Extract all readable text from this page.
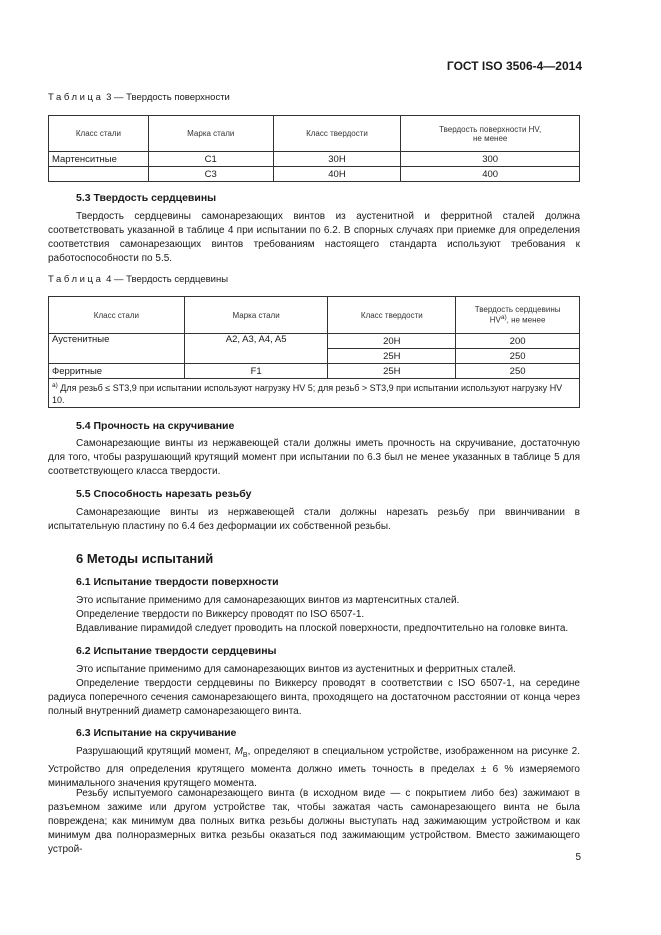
ГОСТ ISO 3506-4—2014
Таблица 3 — Твердость поверхности
Класс стали	Марка стали	Класс твердости	Твердость поверхности HV,
не менее
Мартенситные	C1	30H	300
	C3	40H	400
5.3 Твердость сердцевины
Твердость сердцевины самонарезающих винтов из аустенитной и ферритной сталей должна соответствовать указанной в таблице 4 при испытании по 6.2. В спорных случаях при приемке для определения соответствия самонарезающих винтов требованиям настоящего стандарта используют требования к работоспособности по 5.5.
Таблица 4 — Твердость сердцевины
Класс стали	Марка стали	Класс твердости	Твердость сердцевины
HV$^{a)}$, не менее
Аустенитные	A2, A3, A4, A5	20H	200
		25H	250
Ферритные	F1	25H	250
$^{a)}$ Для резьб ≤ ST3,9 при испытании используют нагрузку HV 5; для резьб > ST3,9 при испытании используют нагрузку HV 10.			
5.4 Прочность на скручивание
Самонарезающие винты из нержавеющей стали должны иметь прочность на скручивание, достаточную для того, чтобы разрушающий крутящий момент при испытании по 6.3 был не менее указанных в таблице 5 для соответствующего класса твердости.
5.5 Способность нарезать резьбу
Самонарезающие винты из нержавеющей стали должны нарезать резьбу при ввинчивании в испытательную пластину по 6.4 без деформации их собственной резьбы.
6 Методы испытаний
6.1 Испытание твердости поверхности
Это испытание применимо для самонарезающих винтов из мартенситных сталей.
Определение твердости по Виккерсу проводят по ISO 6507-1.
Вдавливание пирамидой следует проводить на плоской поверхности, предпочтительно на головке винта.
6.2 Испытание твердости сердцевины
Это испытание применимо для самонарезающих винтов из аустенитных и ферритных сталей.
Определение твердости сердцевины по Виккерсу проводят в соответствии с ISO 6507-1, на середине радиуса поперечного сечения самонарезающего винта, проходящего на достаточном расстоянии от конца через полный внутренний диаметр самонарезающего винта.
6.3 Испытание на скручивание
Разрушающий крутящий момент, $M_B$, определяют в специальном устройстве, изображенном на рисунке 2. Устройство для определения крутящего момента должно иметь точность в пределах ± 6 % измеряемого минимального значения крутящего момента.
Резьбу испытуемого самонарезающего винта (в исходном виде — с покрытием либо без) зажимают в разъемном зажиме или другом устройстве так, чтобы зажатая часть самонарезающего винта не была повреждена; как минимум два полных витка резьбы должны выступать над зажимающим устройством и как минимум два полноразмерных витка резьбы оказаться под зажимающим устройством. Вместо зажимающего устрой-
5
